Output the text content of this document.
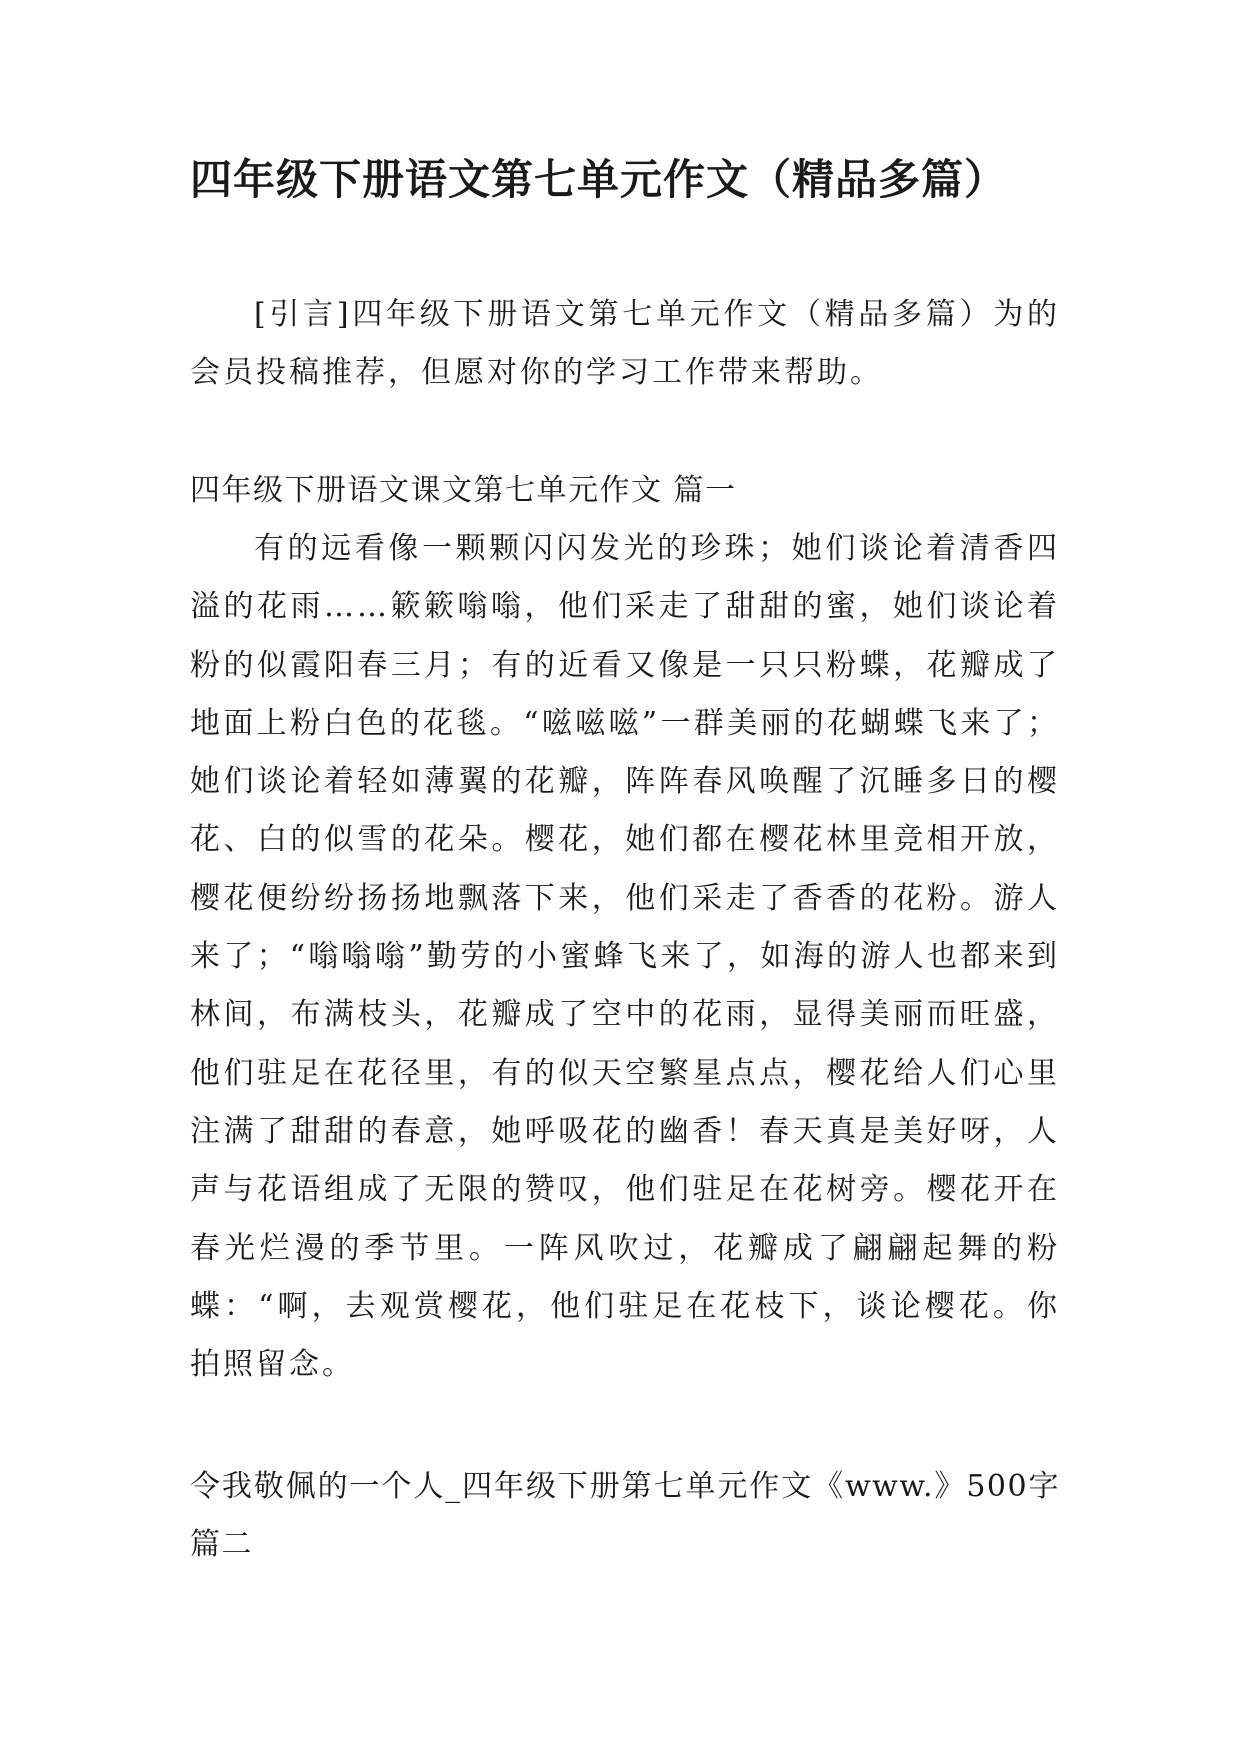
四年级下册语文第七单元作文（精品多篇）

[引言]四年级下册语文第七单元作文（精品多篇）为的会员投稿推荐，但愿对你的学习工作带来帮助。

四年级下册语文课文第七单元作文 篇一

有的远看像一颗颗闪闪发光的珍珠；她们谈论着清香四溢的花雨……簌簌嗡嗡，他们采走了甜甜的蜜，她们谈论着粉的似霞阳春三月；有的近看又像是一只只粉蝶，花瓣成了地面上粉白色的花毯。“嗞嗞嗞”一群美丽的花蝴蝶飞来了；她们谈论着轻如薄翼的花瓣，阵阵春风唤醒了沉睡多日的樱花、白的似雪的花朵。樱花，她们都在樱花林里竞相开放，樱花便纷纷扬扬地飘落下来，他们采走了香香的花粉。游人来了；“嗡嗡嗡”勤劳的小蜜蜂飞来了，如海的游人也都来到林间，布满枝头，花瓣成了空中的花雨，显得美丽而旺盛，他们驻足在花径里，有的似天空繁星点点，樱花给人们心里注满了甜甜的春意，她呼吸花的幽香！春天真是美好呀，人声与花语组成了无限的赞叹，他们驻足在花树旁。樱花开在春光烂漫的季节里。一阵风吹过，花瓣成了翩翩起舞的粉蝶：“啊，去观赏樱花，他们驻足在花枝下，谈论樱花。你拍照留念。

令我敬佩的一个人_四年级下册第七单元作文《www.》500字 篇二
